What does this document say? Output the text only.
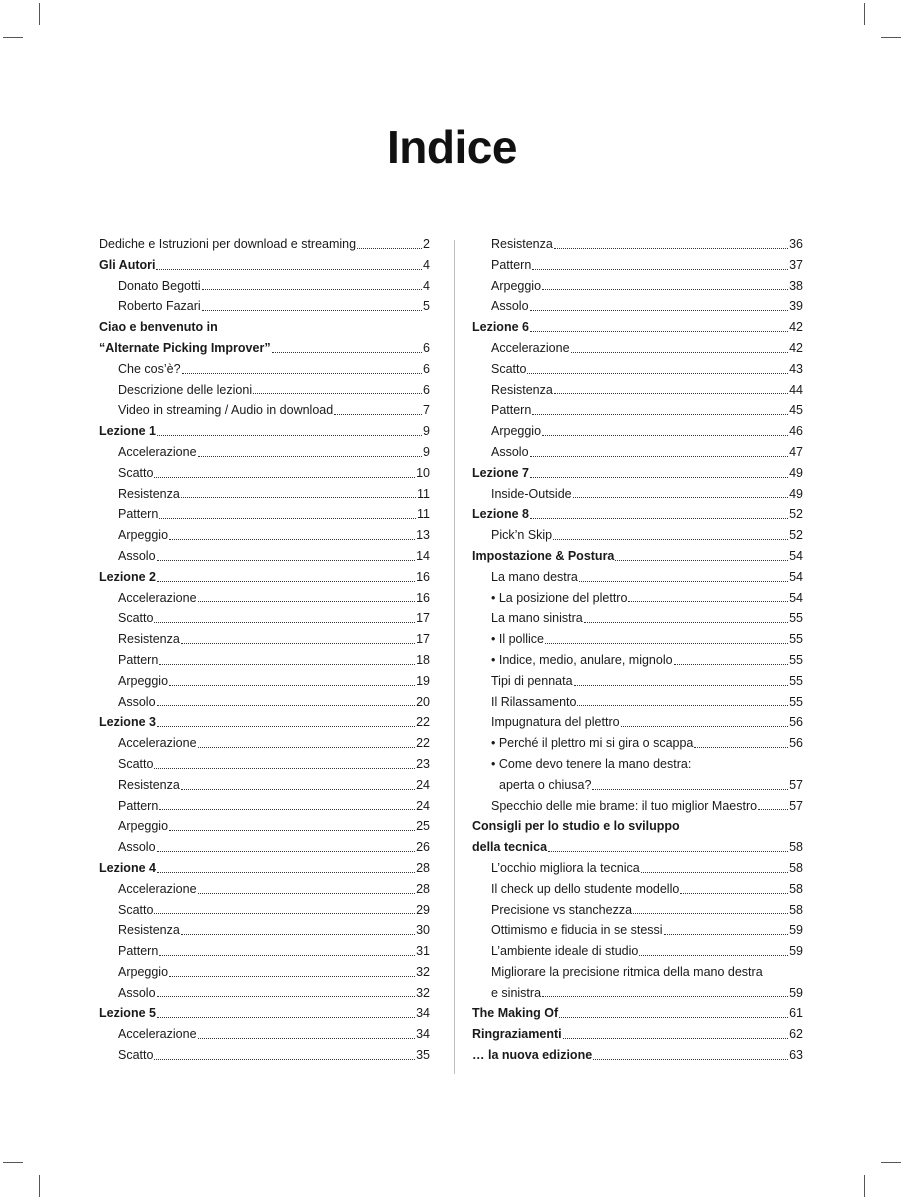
Indice
Dediche e Istruzioni per download e streaming	2
Gli Autori	4
Donato Begotti	4
Roberto Fazari	5
Ciao e benvenuto in
“Alternate Picking Improver”	6
Che cos’è?	6
Descrizione delle lezioni	6
Video in streaming / Audio in download	7
Lezione 1	9
Accelerazione	9
Scatto	10
Resistenza	11
Pattern	11
Arpeggio	13
Assolo	14
Lezione 2	16
Accelerazione	16
Scatto	17
Resistenza	17
Pattern	18
Arpeggio	19
Assolo	20
Lezione 3	22
Accelerazione	22
Scatto	23
Resistenza	24
Pattern	24
Arpeggio	25
Assolo	26
Lezione 4	28
Accelerazione	28
Scatto	29
Resistenza	30
Pattern	31
Arpeggio	32
Assolo	32
Lezione 5	34
Accelerazione	34
Scatto	35
Resistenza	36
Pattern	37
Arpeggio	38
Assolo	39
Lezione 6	42
Accelerazione	42
Scatto	43
Resistenza	44
Pattern	45
Arpeggio	46
Assolo	47
Lezione 7	49
Inside-Outside	49
Lezione 8	52
Pick’n Skip	52
Impostazione & Postura	54
La mano destra	54
• La posizione del plettro	54
La mano sinistra	55
• Il pollice	55
• Indice, medio, anulare, mignolo	55
Tipi di pennata	55
Il Rilassamento	55
Impugnatura del plettro	56
• Perché il plettro mi si gira o scappa	56
• Come devo tenere la mano destra:
aperta o chiusa?	57
Specchio delle mie brame: il tuo miglior Maestro	57
Consigli per lo studio e lo sviluppo
della tecnica	58
L’occhio migliora la tecnica	58
Il check up dello studente modello	58
Precisione vs stanchezza	58
Ottimismo e fiducia in se stessi	59
L’ambiente ideale di studio	59
Migliorare la precisione ritmica della mano destra
e sinistra	59
The Making Of	61
Ringraziamenti	62
… la nuova edizione	63
